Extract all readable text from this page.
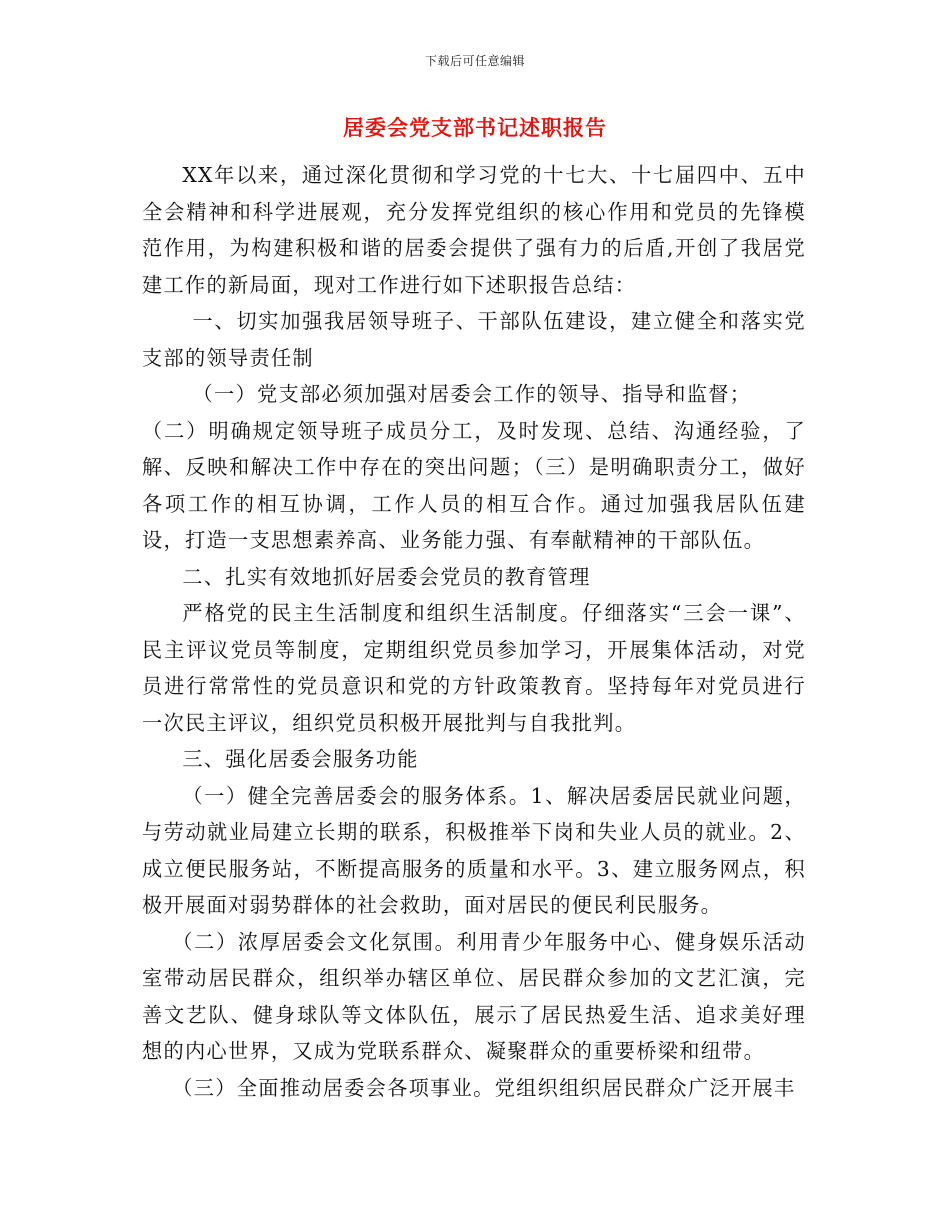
下载后可任意编辑
居委会党支部书记述职报告

XX年以来，通过深化贯彻和学习党的十七大、十七届四中、五中全会精神和科学进展观，充分发挥党组织的核心作用和党员的先锋模范作用，为构建积极和谐的居委会提供了强有力的后盾,开创了我居党建工作的新局面，现对工作进行如下述职报告总结：

一、切实加强我居领导班子、干部队伍建设，建立健全和落实党支部的领导责任制

（一）党支部必须加强对居委会工作的领导、指导和监督；

（二）明确规定领导班子成员分工，及时发现、总结、沟通经验，了解、反映和解决工作中存在的突出问题；（三）是明确职责分工，做好各项工作的相互协调，工作人员的相互合作。通过加强我居队伍建设，打造一支思想素养高、业务能力强、有奉献精神的干部队伍。

二、扎实有效地抓好居委会党员的教育管理

严格党的民主生活制度和组织生活制度。仔细落实“三会一课”、民主评议党员等制度，定期组织党员参加学习，开展集体活动，对党员进行常常性的党员意识和党的方针政策教育。坚持每年对党员进行一次民主评议，组织党员积极开展批判与自我批判。

三、强化居委会服务功能

（一）健全完善居委会的服务体系。1、解决居委居民就业问题，与劳动就业局建立长期的联系，积极推举下岗和失业人员的就业。2、成立便民服务站，不断提高服务的质量和水平。3、建立服务网点，积极开展面对弱势群体的社会救助，面对居民的便民利民服务。

（二）浓厚居委会文化氛围。利用青少年服务中心、健身娱乐活动室带动居民群众，组织举办辖区单位、居民群众参加的文艺汇演，完善文艺队、健身球队等文体队伍，展示了居民热爱生活、追求美好理想的内心世界，又成为党联系群众、凝聚群众的重要桥梁和纽带。

（三）全面推动居委会各项事业。党组织组织居民群众广泛开展丰
